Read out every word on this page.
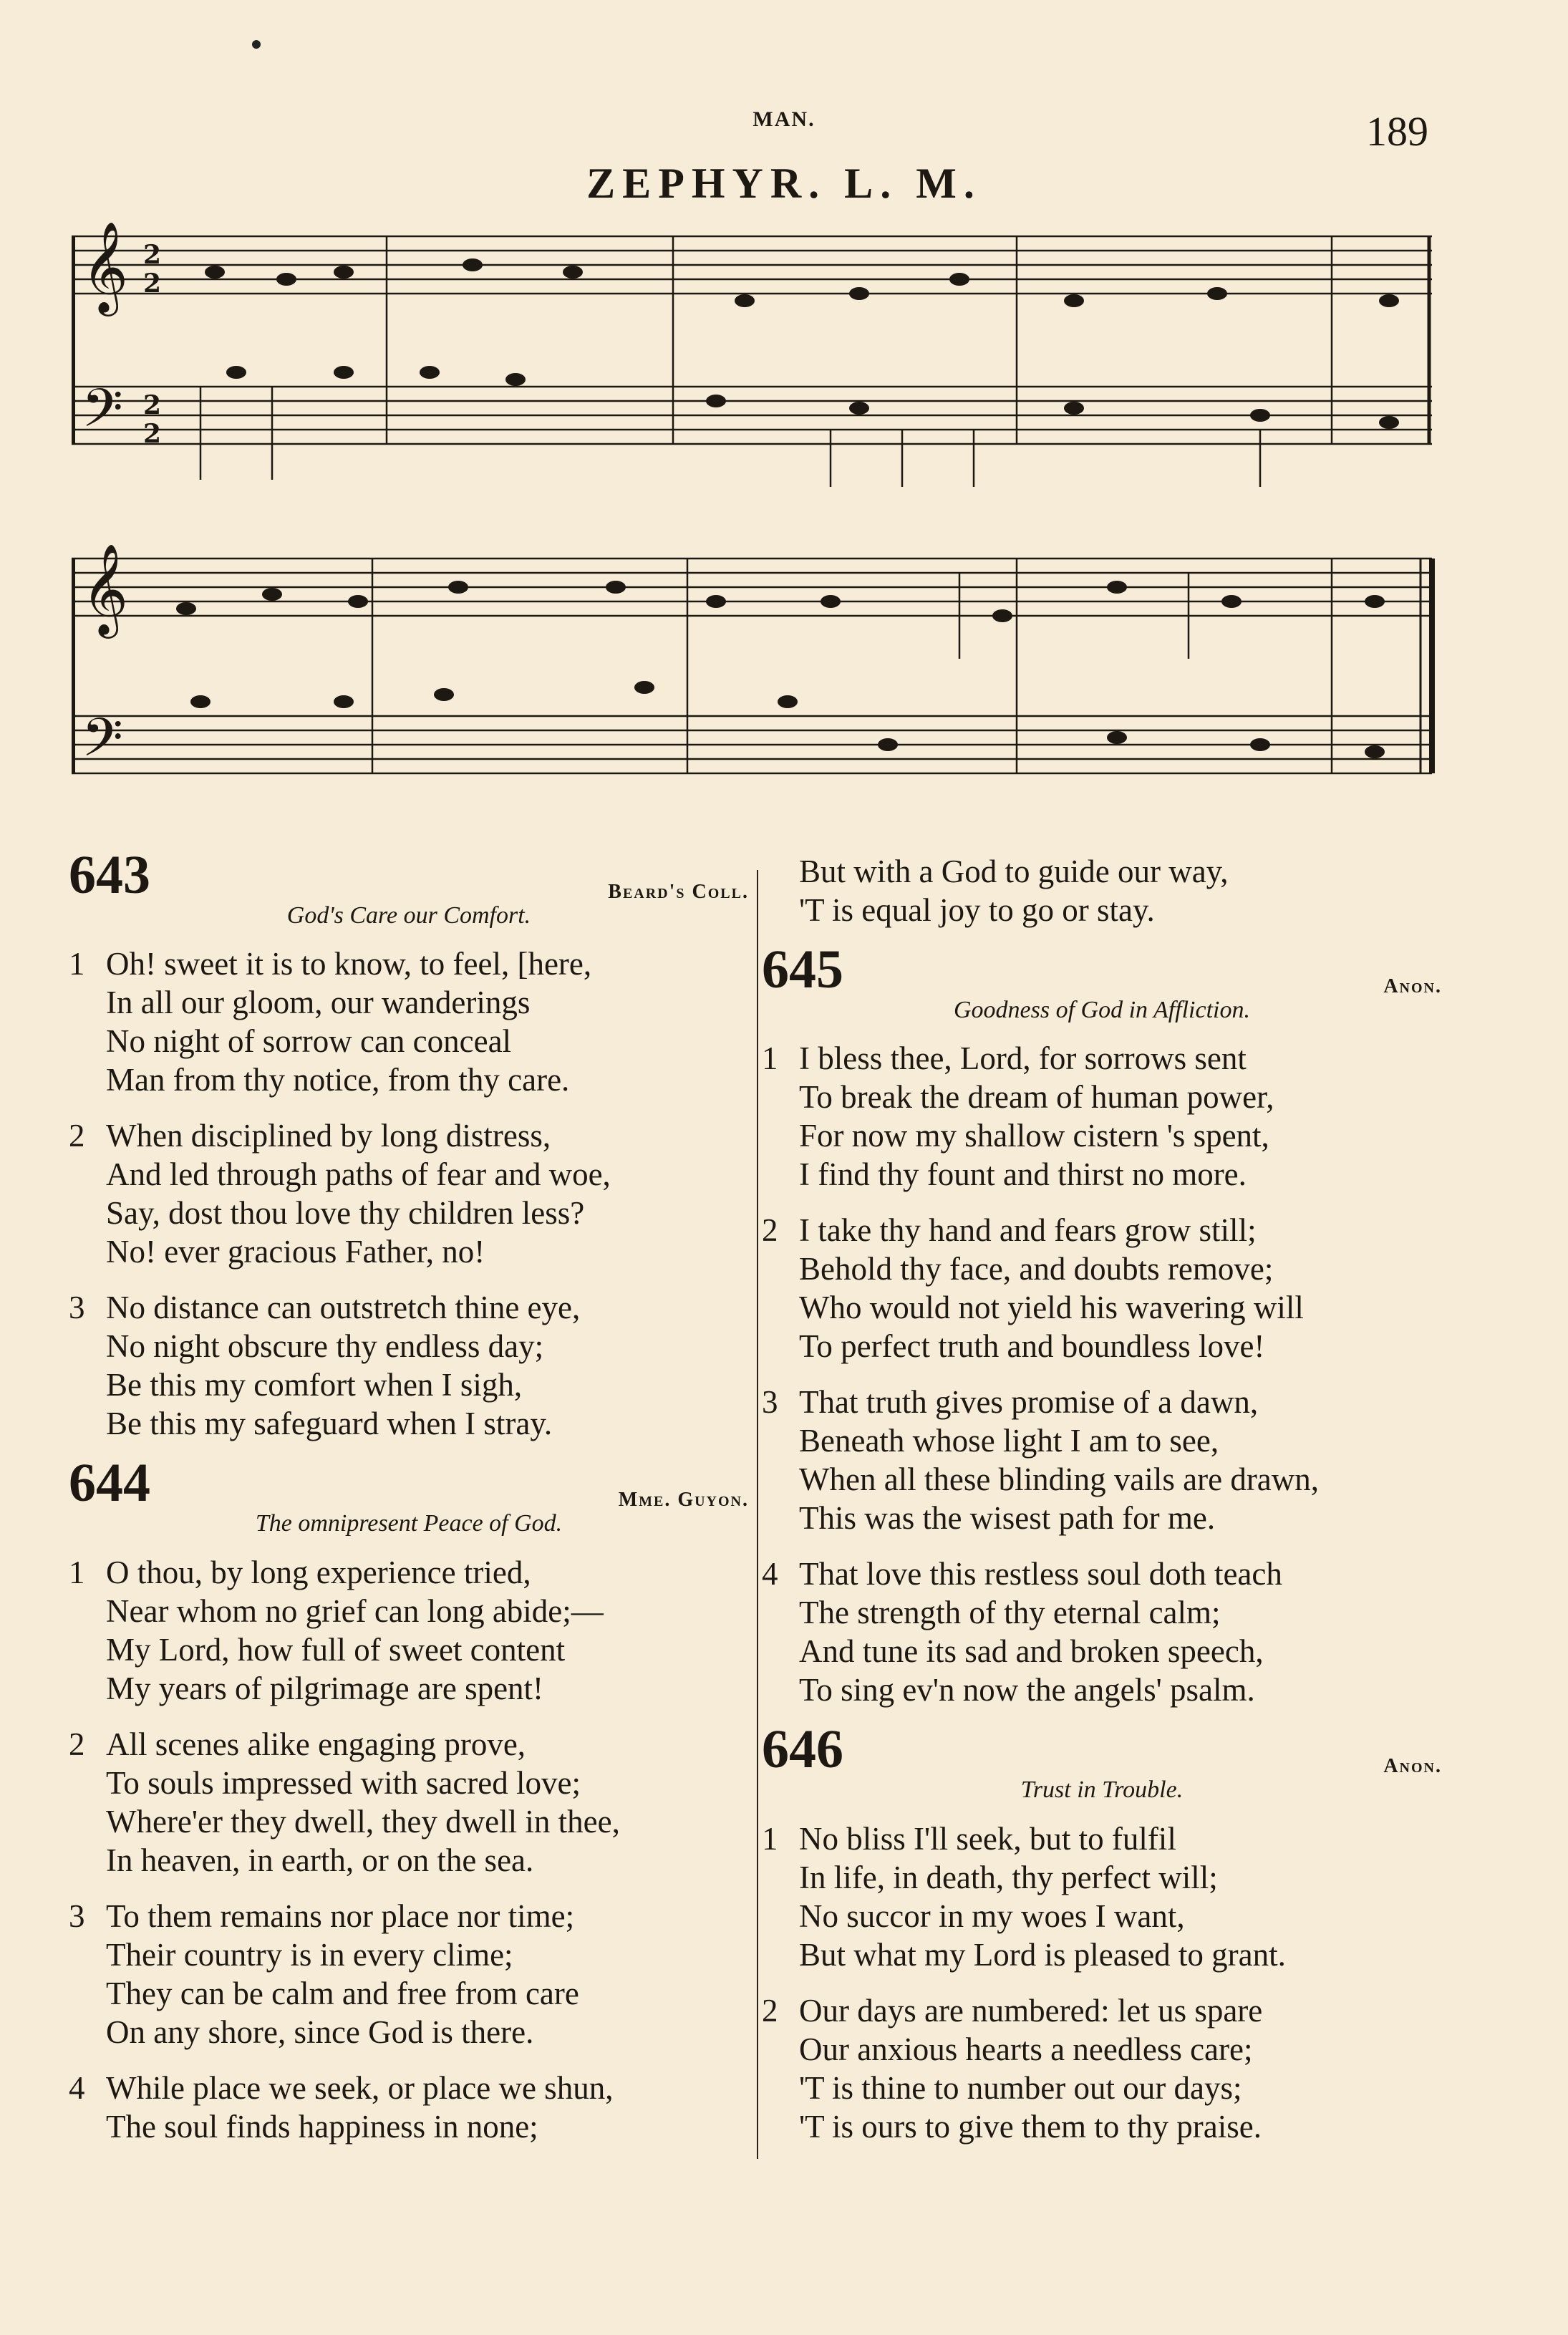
MAN.	189
ZEPHYR. L. M.
𝄞
𝄢
2
2
2
2
𝄞
𝄢
643	Beard's Coll.
God's Care our Comfort.
1 Oh! sweet it is to know, to feel, [here,
In all our gloom, our wanderings
No night of sorrow can conceal
Man from thy notice, from thy care.
2 When disciplined by long distress,
And led through paths of fear and woe,
Say, dost thou love thy children less?
No! ever gracious Father, no!
3 No distance can outstretch thine eye,
No night obscure thy endless day;
Be this my comfort when I sigh,
Be this my safeguard when I stray.
644	Mme. Guyon.
The omnipresent Peace of God.
1 O thou, by long experience tried,
Near whom no grief can long abide;—
My Lord, how full of sweet content
My years of pilgrimage are spent!
2 All scenes alike engaging prove,
To souls impressed with sacred love;
Where'er they dwell, they dwell in thee,
In heaven, in earth, or on the sea.
3 To them remains nor place nor time;
Their country is in every clime;
They can be calm and free from care
On any shore, since God is there.
4 While place we seek, or place we shun,
The soul finds happiness in none;
But with a God to guide our way,
'T is equal joy to go or stay.
645	Anon.
Goodness of God in Affliction.
1 I bless thee, Lord, for sorrows sent
To break the dream of human power,
For now my shallow cistern 's spent,
I find thy fount and thirst no more.
2 I take thy hand and fears grow still;
Behold thy face, and doubts remove;
Who would not yield his wavering will
To perfect truth and boundless love!
3 That truth gives promise of a dawn,
Beneath whose light I am to see,
When all these blinding vails are drawn,
This was the wisest path for me.
4 That love this restless soul doth teach
The strength of thy eternal calm;
And tune its sad and broken speech,
To sing ev'n now the angels' psalm.
646	Anon.
Trust in Trouble.
1 No bliss I'll seek, but to fulfil
In life, in death, thy perfect will;
No succor in my woes I want,
But what my Lord is pleased to grant.
2 Our days are numbered: let us spare
Our anxious hearts a needless care;
'T is thine to number out our days;
'T is ours to give them to thy praise.
